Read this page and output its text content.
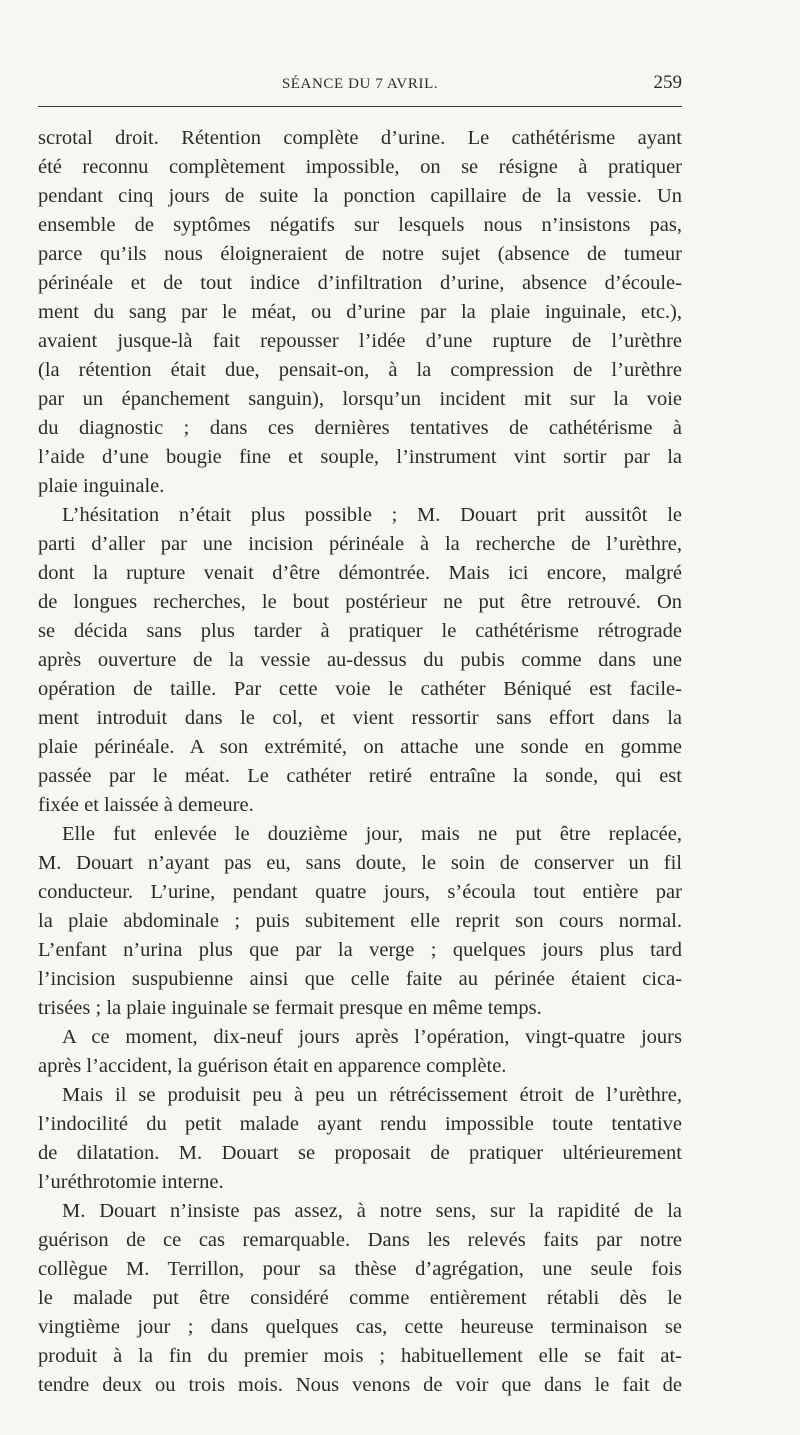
SÉANCE DU 7 AVRIL.	259
scrotal droit. Rétention complète d’urine. Le cathétérisme ayant
été reconnu complètement impossible, on se résigne à pratiquer
pendant cinq jours de suite la ponction capillaire de la vessie. Un
ensemble de syptômes négatifs sur lesquels nous n’insistons pas,
parce qu’ils nous éloigneraient de notre sujet (absence de tumeur
périnéale et de tout indice d’infiltration d’urine, absence d’écoule-
ment du sang par le méat, ou d’urine par la plaie inguinale, etc.),
avaient jusque-là fait repousser l’idée d’une rupture de l’urèthre
(la rétention était due, pensait-on, à la compression de l’urèthre
par un épanchement sanguin), lorsqu’un incident mit sur la voie
du diagnostic ; dans ces dernières tentatives de cathétérisme à
l’aide d’une bougie fine et souple, l’instrument vint sortir par la
plaie inguinale.
L’hésitation n’était plus possible ; M. Douart prit aussitôt le
parti d’aller par une incision périnéale à la recherche de l’urèthre,
dont la rupture venait d’être démontrée. Mais ici encore, malgré
de longues recherches, le bout postérieur ne put être retrouvé. On
se décida sans plus tarder à pratiquer le cathétérisme rétrograde
après ouverture de la vessie au-dessus du pubis comme dans une
opération de taille. Par cette voie le cathéter Béniqué est facile-
ment introduit dans le col, et vient ressortir sans effort dans la
plaie périnéale. A son extrémité, on attache une sonde en gomme
passée par le méat. Le cathéter retiré entraîne la sonde, qui est
fixée et laissée à demeure.
Elle fut enlevée le douzième jour, mais ne put être replacée,
M. Douart n’ayant pas eu, sans doute, le soin de conserver un fil
conducteur. L’urine, pendant quatre jours, s’écoula tout entière par
la plaie abdominale ; puis subitement elle reprit son cours normal.
L’enfant n’urina plus que par la verge ; quelques jours plus tard
l’incision suspubienne ainsi que celle faite au périnée étaient cica-
trisées ; la plaie inguinale se fermait presque en même temps.
A ce moment, dix-neuf jours après l’opération, vingt-quatre jours
après l’accident, la guérison était en apparence complète.
Mais il se produisit peu à peu un rétrécissement étroit de l’urèthre,
l’indocilité du petit malade ayant rendu impossible toute tentative
de dilatation. M. Douart se proposait de pratiquer ultérieurement
l’uréthrotomie interne.
M. Douart n’insiste pas assez, à notre sens, sur la rapidité de la
guérison de ce cas remarquable. Dans les relevés faits par notre
collègue M. Terrillon, pour sa thèse d’agrégation, une seule fois
le malade put être considéré comme entièrement rétabli dès le
vingtième jour ; dans quelques cas, cette heureuse terminaison se
produit à la fin du premier mois ; habituellement elle se fait at-
tendre deux ou trois mois. Nous venons de voir que dans le fait de
